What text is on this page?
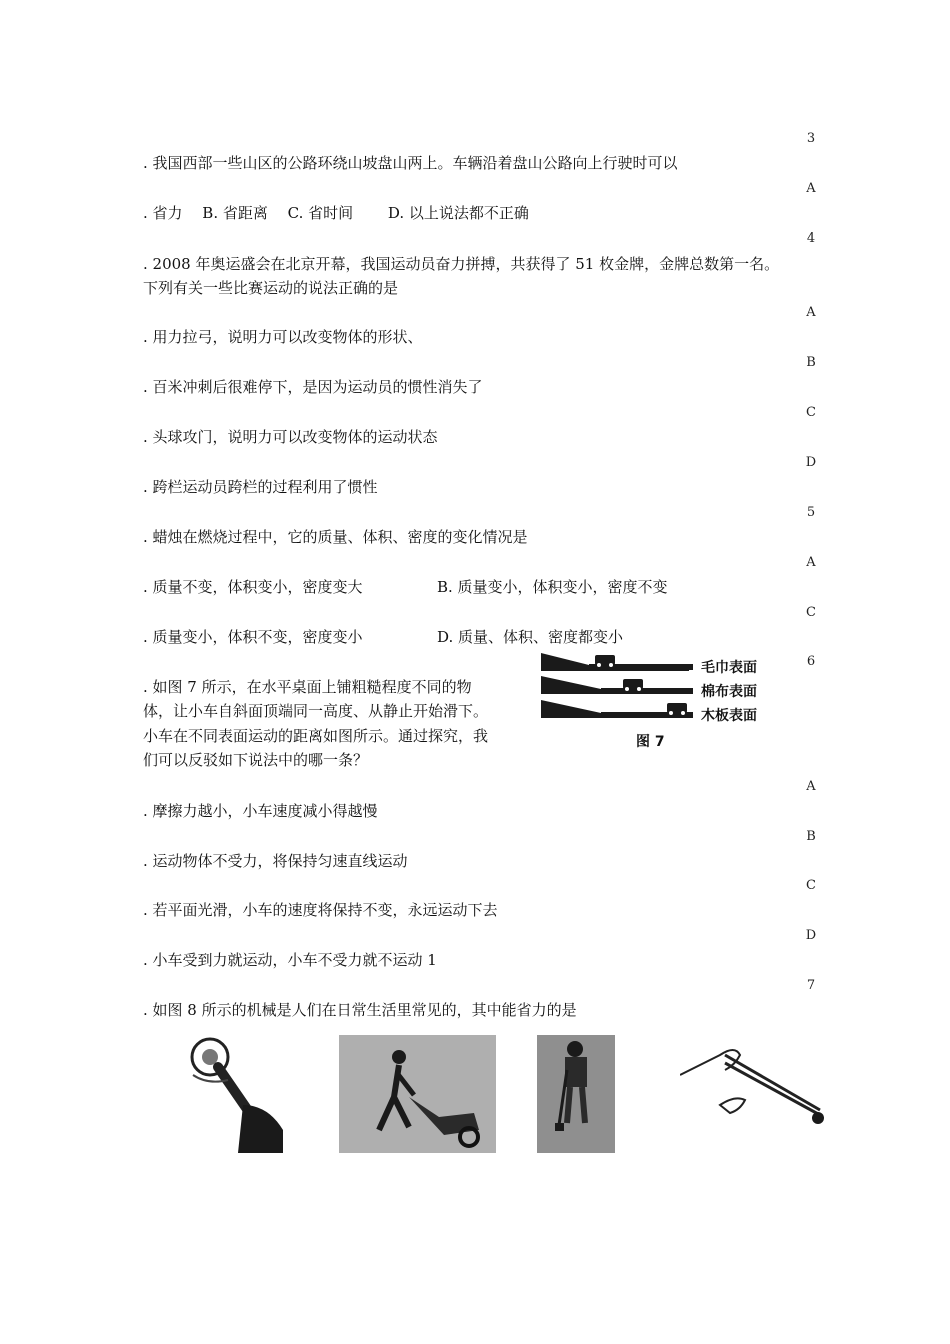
3
. 我国西部一些山区的公路环绕山坡盘山两上。车辆沿着盘山公路向上行驶时可以
A
. 省力　 B. 省距离　 C. 省时间　　 D. 以上说法都不正确
4
. 2008 年奥运盛会在北京开幕，我国运动员奋力拼搏，共获得了 51 枚金牌，金牌总数第一名。
下列有关一些比赛运动的说法正确的是
A
. 用力拉弓，说明力可以改变物体的形状、
B
. 百米冲刺后很难停下，是因为运动员的惯性消失了
C
. 头球攻门，说明力可以改变物体的运动状态
D
. 跨栏运动员跨栏的过程利用了惯性
5
. 蜡烛在燃烧过程中，它的质量、体积、密度的变化情况是
A
. 质量不变，体积变小，密度变大	B. 质量变小，体积变小，密度不变
C
. 质量变小，体积不变，密度变小	D. 质量、体积、密度都变小
6
. 如图 7 所示，在水平桌面上铺粗糙程度不同的物
体，让小车自斜面顶端同一高度、从静止开始滑下。
小车在不同表面运动的距离如图所示。通过探究，我
们可以反驳如下说法中的哪一条？
毛巾表面
棉布表面
木板表面
图 7
A
. 摩擦力越小，小车速度减小得越慢
B
. 运动物体不受力，将保持匀速直线运动
C
. 若平面光滑，小车的速度将保持不变，永远运动下去
D
. 小车受到力就运动，小车不受力就不运动 1
7
. 如图 8 所示的机械是人们在日常生活里常见的，其中能省力的是
